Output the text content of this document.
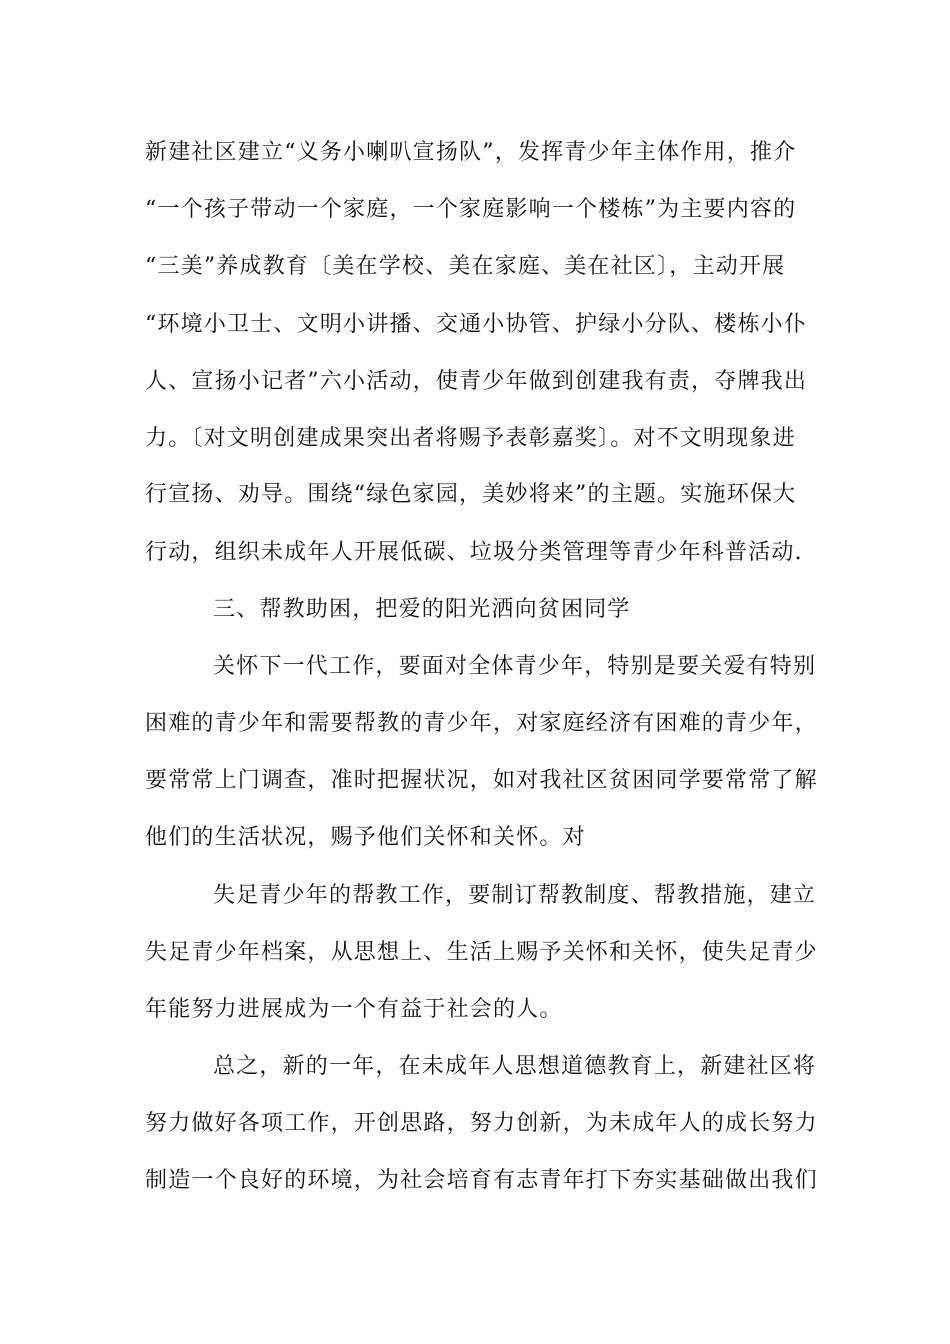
新建社区建立“义务小喇叭宣扬队”，发挥青少年主体作用，推介
“一个孩子带动一个家庭，一个家庭影响一个楼栋”为主要内容的
“三美”养成教育〔美在学校、美在家庭、美在社区〕，主动开展
“环境小卫士、文明小讲播、交通小协管、护绿小分队、楼栋小仆
人、宣扬小记者”六小活动，使青少年做到创建我有责，夺牌我出
力。〔对文明创建成果突出者将赐予表彰嘉奖〕。对不文明现象进
行宣扬、劝导。围绕“绿色家园，美妙将来”的主题。实施环保大
行动，组织未成年人开展低碳、垃圾分类管理等青少年科普活动.
三、帮教助困，把爱的阳光洒向贫困同学
关怀下一代工作，要面对全体青少年，特别是要关爱有特别
困难的青少年和需要帮教的青少年，对家庭经济有困难的青少年，
要常常上门调查，准时把握状况，如对我社区贫困同学要常常了解
他们的生活状况，赐予他们关怀和关怀。对
失足青少年的帮教工作，要制订帮教制度、帮教措施，建立
失足青少年档案，从思想上、生活上赐予关怀和关怀，使失足青少
年能努力进展成为一个有益于社会的人。
总之，新的一年，在未成年人思想道德教育上，新建社区将
努力做好各项工作，开创思路，努力创新，为未成年人的成长努力
制造一个良好的环境，为社会培育有志青年打下夯实基础做出我们
